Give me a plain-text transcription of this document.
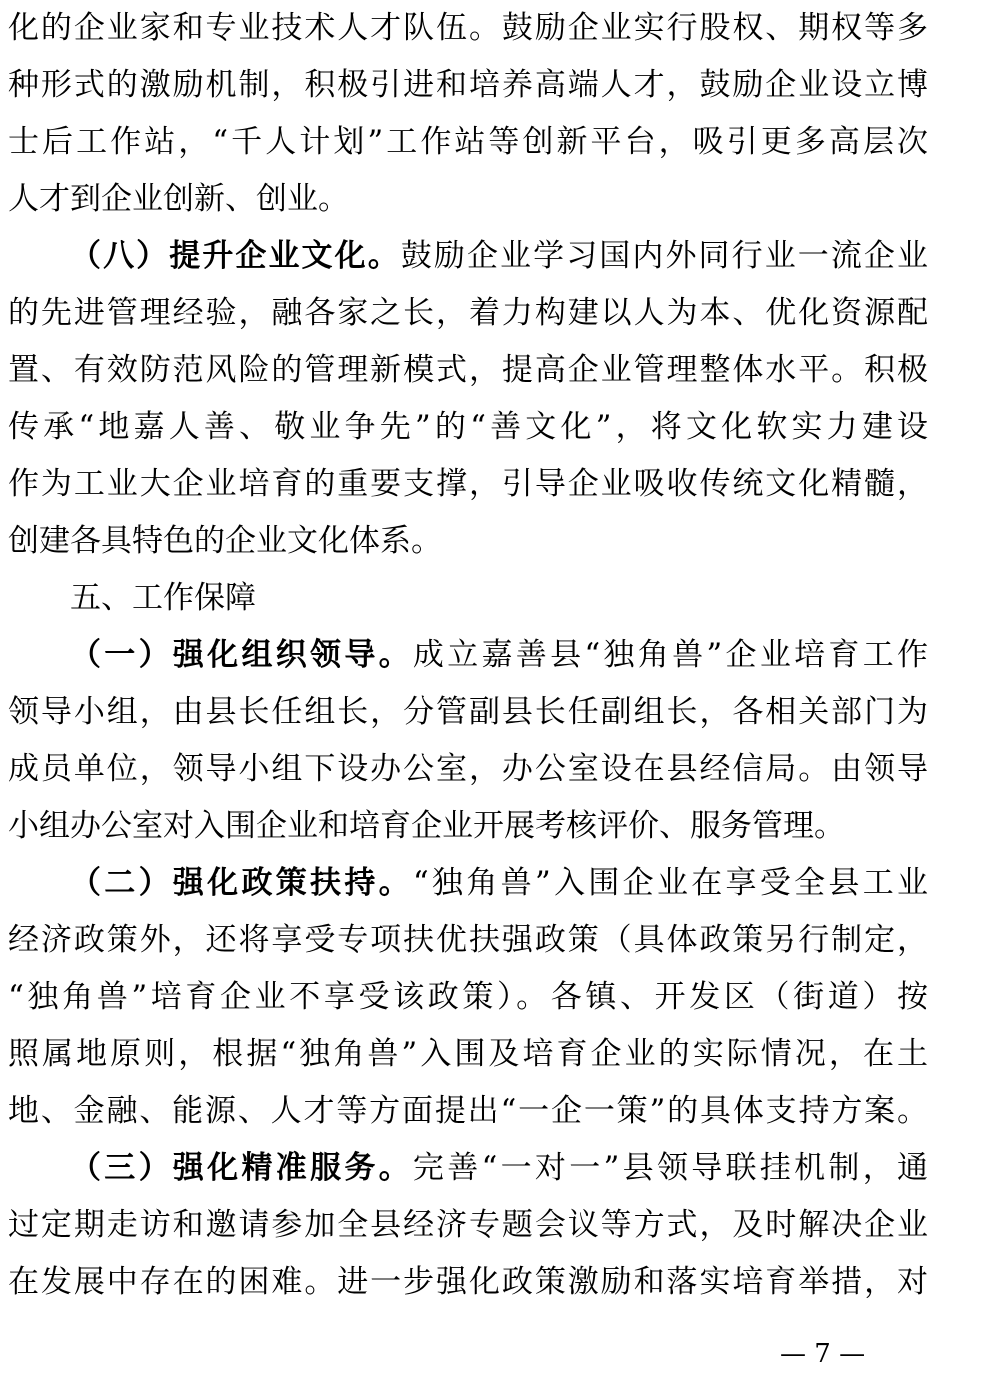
化的企业家和专业技术人才队伍。鼓励企业实行股权、期权等多
种形式的激励机制，积极引进和培养高端人才，鼓励企业设立博
士后工作站，“千人计划”工作站等创新平台，吸引更多高层次
人才到企业创新、创业。
（八）提升企业文化。鼓励企业学习国内外同行业一流企业
的先进管理经验，融各家之长，着力构建以人为本、优化资源配
置、有效防范风险的管理新模式，提高企业管理整体水平。积极
传承“地嘉人善、敬业争先”的“善文化”，将文化软实力建设
作为工业大企业培育的重要支撑，引导企业吸收传统文化精髓，
创建各具特色的企业文化体系。
五、工作保障
（一）强化组织领导。成立嘉善县“独角兽”企业培育工作
领导小组，由县长任组长，分管副县长任副组长，各相关部门为
成员单位，领导小组下设办公室，办公室设在县经信局。由领导
小组办公室对入围企业和培育企业开展考核评价、服务管理。
（二）强化政策扶持。“独角兽”入围企业在享受全县工业
经济政策外，还将享受专项扶优扶强政策（具体政策另行制定，
“独角兽”培育企业不享受该政策）。各镇、开发区（街道）按
照属地原则，根据“独角兽”入围及培育企业的实际情况，在土
地、金融、能源、人才等方面提出“一企一策”的具体支持方案。
（三）强化精准服务。完善“一对一”县领导联挂机制，通
过定期走访和邀请参加全县经济专题会议等方式，及时解决企业
在发展中存在的困难。进一步强化政策激励和落实培育举措，对
— 7 —
